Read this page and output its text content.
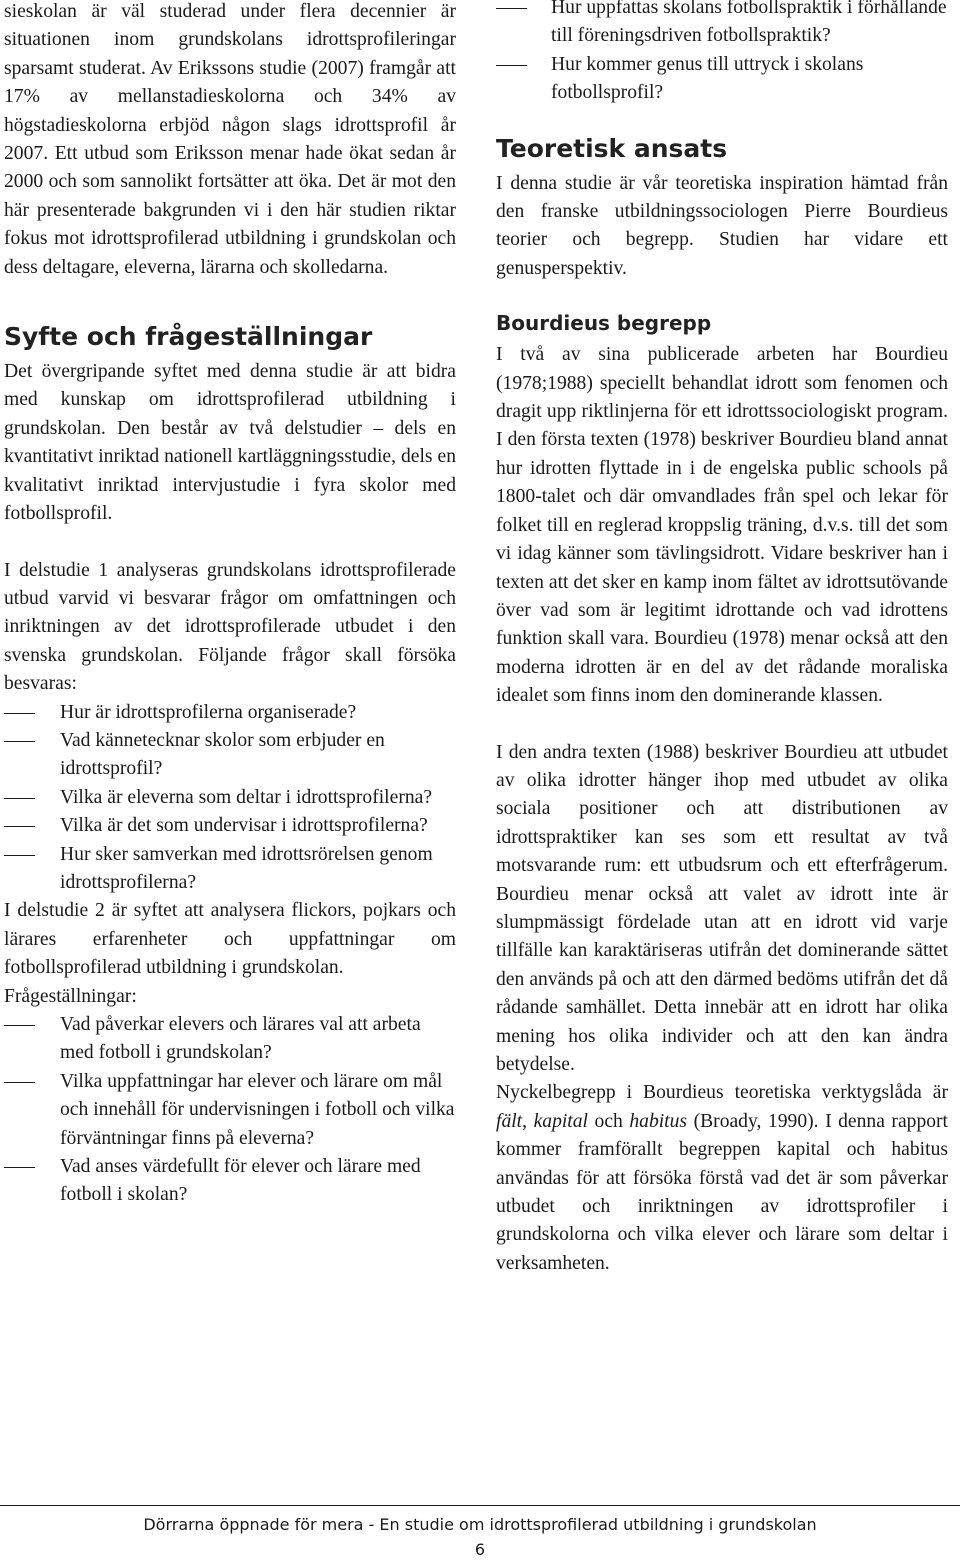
sieskolan är väl studerad under flera decennier är situationen inom grundskolans idrottsprofileringar sparsamt studerat. Av Erikssons studie (2007) framgår att 17% av mellanstadieskolorna och 34% av högstadieskolorna erbjöd någon slags idrottsprofil år 2007. Ett utbud som Eriksson menar hade ökat sedan år 2000 och som sannolikt fortsätter att öka. Det är mot den här presenterade bakgrunden vi i den här studien riktar fokus mot idrottsprofilerad utbildning i grundskolan och dess deltagare, eleverna, lärarna och skolledarna.

Syfte och frågeställningar

Det övergripande syftet med denna studie är att bidra med kunskap om idrottsprofilerad utbildning i grundskolan. Den består av två delstudier – dels en kvantitativt inriktad nationell kartläggningsstudie, dels en kvalitativt inriktad intervjustudie i fyra skolor med fotbollsprofil.

I delstudie 1 analyseras grundskolans idrottsprofilerade utbud varvid vi besvarar frågor om omfattningen och inriktningen av det idrottsprofilerade utbudet i den svenska grundskolan. Följande frågor skall försöka besvaras:

Hur är idrottsprofilerna organiserade?
Vad kännetecknar skolor som erbjuder en idrottsprofil?
Vilka är eleverna som deltar i idrottsprofilerna?
Vilka är det som undervisar i idrottsprofilerna?
Hur sker samverkan med idrottsrörelsen genom idrottsprofilerna?

I delstudie 2 är syftet att analysera flickors, pojkars och lärares erfarenheter och uppfattningar om fotbollsprofilerad utbildning i grundskolan.

Frågeställningar:

Vad påverkar elevers och lärares val att arbeta med fotboll i grundskolan?
Vilka uppfattningar har elever och lärare om mål och innehåll för undervisningen i fotboll och vilka förväntningar finns på eleverna?
Vad anses värdefullt för elever och lärare med fotboll i skolan?
Hur uppfattas skolans fotbollspraktik i förhållande till föreningsdriven fotbollspraktik?
Hur kommer genus till uttryck i skolans fotbollsprofil?
Teoretisk ansats

I denna studie är vår teoretiska inspiration hämtad från den franske utbildningssociologen Pierre Bourdieus teorier och begrepp. Studien har vidare ett genusperspektiv.

Bourdieus begrepp

I två av sina publicerade arbeten har Bourdieu (1978;1988) speciellt behandlat idrott som fenomen och dragit upp riktlinjerna för ett idrottssociologiskt program. I den första texten (1978) beskriver Bourdieu bland annat hur idrotten flyttade in i de engelska public schools på 1800-talet och där omvandlades från spel och lekar för folket till en reglerad kroppslig träning, d.v.s. till det som vi idag känner som tävlingsidrott. Vidare beskriver han i texten att det sker en kamp inom fältet av idrottsutövande över vad som är legitimt idrottande och vad idrottens funktion skall vara. Bourdieu (1978) menar också att den moderna idrotten är en del av det rådande moraliska idealet som finns inom den dominerande klassen.

I den andra texten (1988) beskriver Bourdieu att utbudet av olika idrotter hänger ihop med utbudet av olika sociala positioner och att distributionen av idrottspraktiker kan ses som ett resultat av två motsvarande rum: ett utbudsrum och ett efterfrågerum. Bourdieu menar också att valet av idrott inte är slumpmässigt fördelade utan att en idrott vid varje tillfälle kan karaktäriseras utifrån det dominerande sättet den används på och att den därmed bedöms utifrån det då rådande samhället. Detta innebär att en idrott har olika mening hos olika individer och att den kan ändra betydelse.

Nyckelbegrepp i Bourdieus teoretiska verktygslåda är fält, kapital och habitus (Broady, 1990). I denna rapport kommer framförallt begreppen kapital och habitus användas för att försöka förstå vad det är som påverkar utbudet och inriktningen av idrottsprofiler i grundskolorna och vilka elever och lärare som deltar i verksamheten.

Dörrarna öppnade för mera - En studie om idrottsprofilerad utbildning i grundskolan
6
